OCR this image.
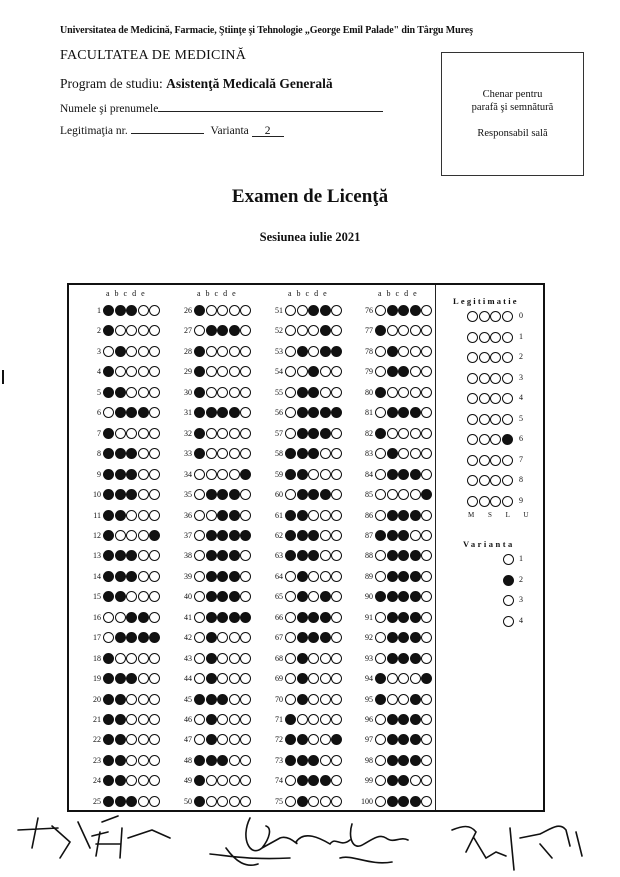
Universitatea de Medicină, Farmacie, Ştiinţe şi Tehnologie „George Emil Palade" din Târgu Mureş
FACULTATEA DE MEDICINĂ
Program de studiu: Asistenţă Medicală Generală
Numele şi prenumele
Legitimaţia nr.	Varianta 2
Chenar pentru
parafă şi semnătură
Responsabil sală
Examen de Licenţă
Sesiunea iulie 2021
Legitimatie
M S L U
Varianta
a b c d e
1
2
3
4
5
6
7
8
9
10
11
12
13
14
15
16
17
18
19
20
21
22
23
24
25
a b c d e
26
27
28
29
30
31
32
33
34
35
36
37
38
39
40
41
42
43
44
45
46
47
48
49
50
a b c d e
51
52
53
54
55
56
57
58
59
60
61
62
63
64
65
66
67
68
69
70
71
72
73
74
75
a b c d e
76
77
78
79
80
81
82
83
84
85
86
87
88
89
90
91
92
93
94
95
96
97
98
99
100
0
1
2
3
4
5
6
7
8
9
1
2
3
4
